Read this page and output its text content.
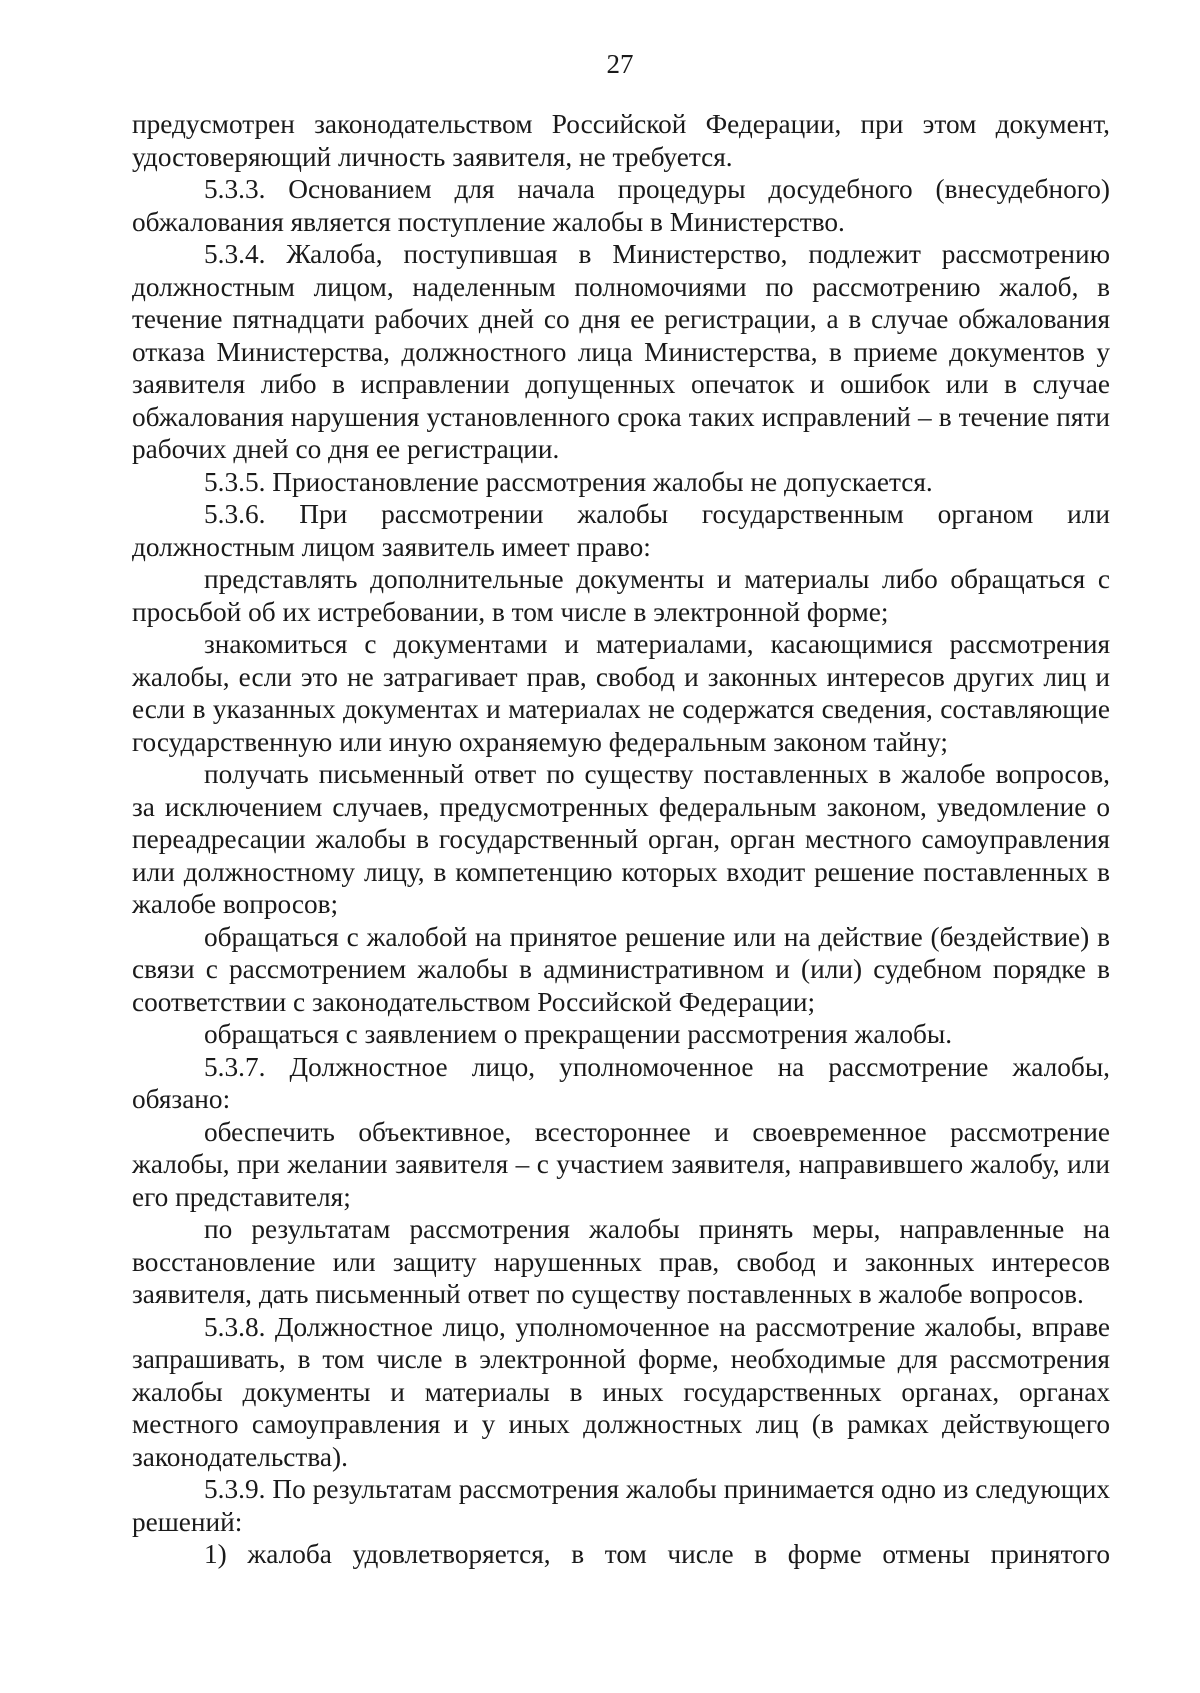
27

предусмотрен законодательством Российской Федерации, при этом документ, удостоверяющий личность заявителя, не требуется.

5.3.3. Основанием для начала процедуры досудебного (внесудебного) обжалования является поступление жалобы в Министерство.

5.3.4. Жалоба, поступившая в Министерство, подлежит рассмотрению должностным лицом, наделенным полномочиями по рассмотрению жалоб, в течение пятнадцати рабочих дней со дня ее регистрации, а в случае обжалования отказа Министерства, должностного лица Министерства, в приеме документов у заявителя либо в исправлении допущенных опечаток и ошибок или в случае обжалования нарушения установленного срока таких исправлений – в течение пяти рабочих дней со дня ее регистрации.

5.3.5. Приостановление рассмотрения жалобы не допускается.

5.3.6. При рассмотрении жалобы государственным органом или должностным лицом заявитель имеет право:

представлять дополнительные документы и материалы либо обращаться с просьбой об их истребовании, в том числе в электронной форме;

знакомиться с документами и материалами, касающимися рассмотрения жалобы, если это не затрагивает прав, свобод и законных интересов других лиц и если в указанных документах и материалах не содержатся сведения, составляющие государственную или иную охраняемую федеральным законом тайну;

получать письменный ответ по существу поставленных в жалобе вопросов, за исключением случаев, предусмотренных федеральным законом, уведомление о переадресации жалобы в государственный орган, орган местного самоуправления или должностному лицу, в компетенцию которых входит решение поставленных в жалобе вопросов;

обращаться с жалобой на принятое решение или на действие (бездействие) в связи с рассмотрением жалобы в административном и (или) судебном порядке в соответствии с законодательством Российской Федерации;

обращаться с заявлением о прекращении рассмотрения жалобы.

5.3.7. Должностное лицо, уполномоченное на рассмотрение жалобы, обязано:

обеспечить объективное, всестороннее и своевременное рассмотрение жалобы, при желании заявителя – с участием заявителя, направившего жалобу, или его представителя;

по результатам рассмотрения жалобы принять меры, направленные на восстановление или защиту нарушенных прав, свобод и законных интересов заявителя, дать письменный ответ по существу поставленных в жалобе вопросов.

5.3.8. Должностное лицо, уполномоченное на рассмотрение жалобы, вправе запрашивать, в том числе в электронной форме, необходимые для рассмотрения жалобы документы и материалы в иных государственных органах, органах местного самоуправления и у иных должностных лиц (в рамках действующего законодательства).

5.3.9. По результатам рассмотрения жалобы принимается одно из следующих решений:

1) жалоба удовлетворяется, в том числе в форме отмены принятого
